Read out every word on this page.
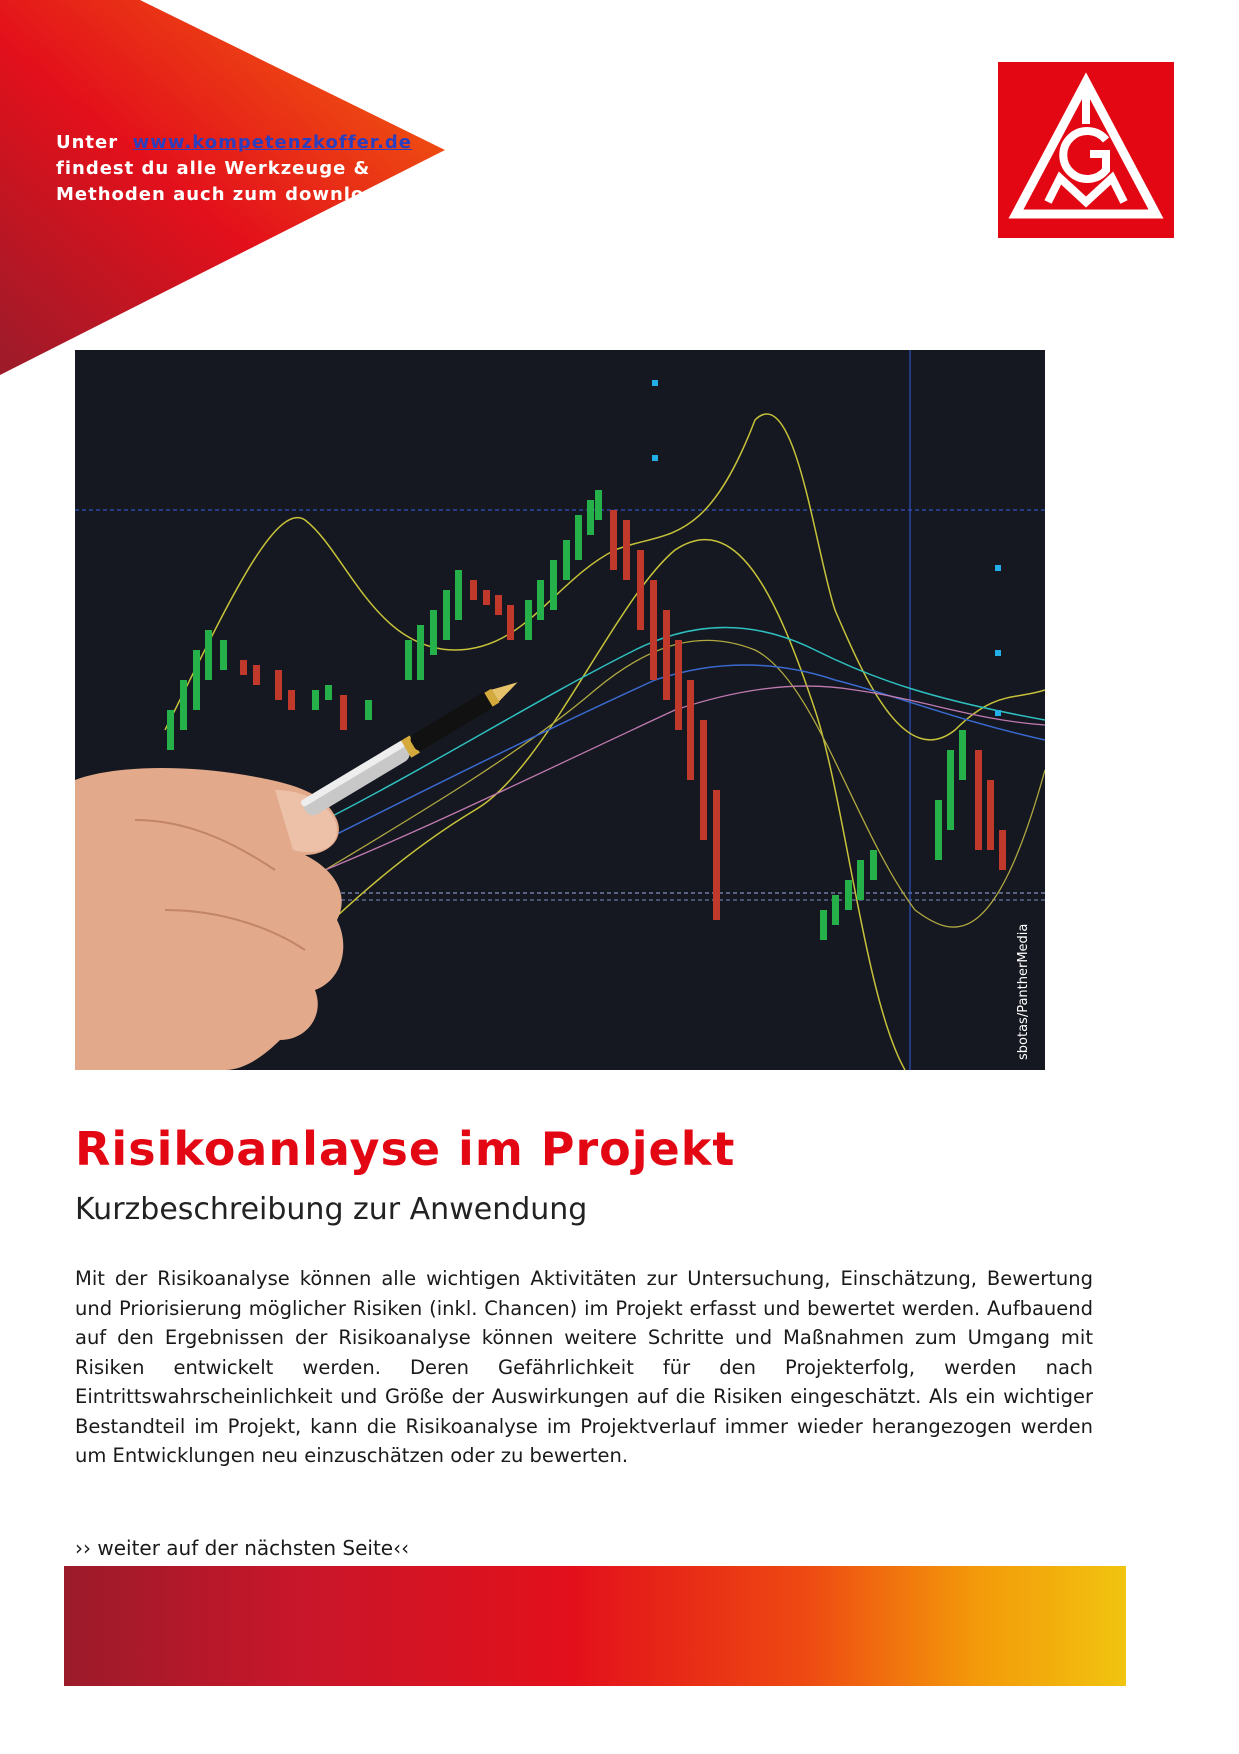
Unter www.kompetenzkoffer.de
findest du alle Werkzeuge & Methoden auch zum download
sbotas/PantherMedia
Risikoanlayse im Projekt
Kurzbeschreibung zur Anwendung

Mit der Risikoanalyse können alle wichtigen Aktivitäten zur Untersuchung, Einschätzung, Bewertung und Priorisierung möglicher Risiken (inkl. Chancen) im Projekt erfasst und bewertet werden. Aufbauend auf den Ergebnissen der Risikoanalyse können weitere Schritte und Maßnahmen zum Umgang mit Risiken entwickelt werden. Deren Gefährlichkeit für den Projekterfolg, werden nach Eintrittswahrscheinlichkeit und Größe der Auswirkungen auf die Risiken eingeschätzt. Als ein wichtiger Bestandteil im Projekt, kann die Risikoanalyse im Projektverlauf immer wieder herangezogen werden um Entwicklungen neu einzuschätzen oder zu bewerten.

›› weiter auf der nächsten Seite‹‹
